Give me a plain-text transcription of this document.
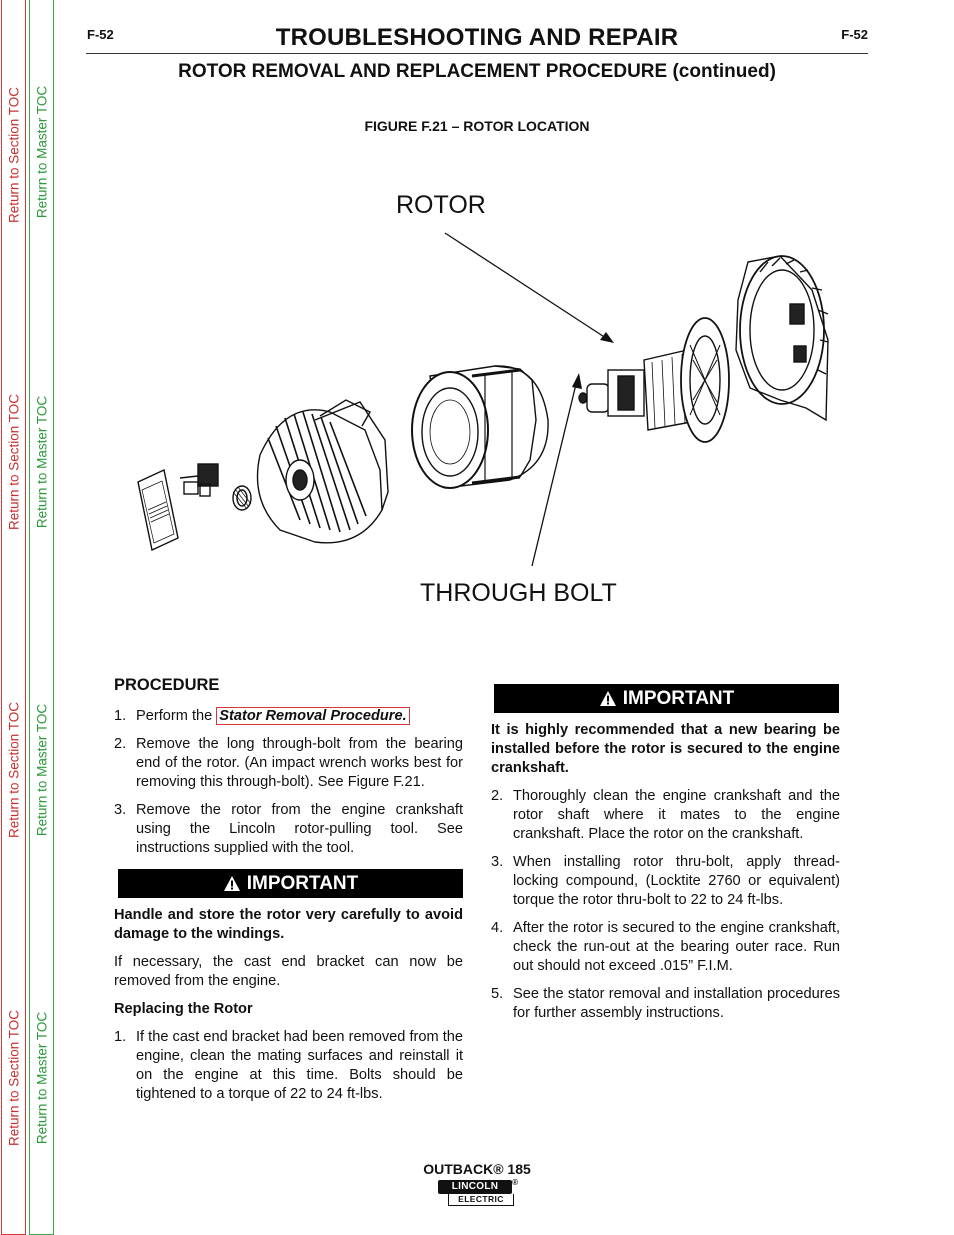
Return to Section TOC
Return to Section TOC
Return to Section TOC
Return to Section TOC
Return to Master TOC
Return to Master TOC
Return to Master TOC
Return to Master TOC
F-52	F-52
TROUBLESHOOTING AND REPAIR
ROTOR REMOVAL AND REPLACEMENT PROCEDURE (continued)
FIGURE F.21 – ROTOR LOCATION
ROTOR
THROUGH BOLT
PROCEDURE
1. Perform the Stator Removal Procedure.
2. Remove the long through-bolt from the bearing end of the rotor. (An impact wrench works best for removing this through-bolt). See Figure F.21.
3. Remove the rotor from the engine crankshaft using the Lincoln rotor-pulling tool. See instructions supplied with the tool.
IMPORTANT
Handle and store the rotor very carefully to avoid damage to the windings.
If necessary, the cast end bracket can now be removed from the engine.
Replacing the Rotor
1. If the cast end bracket had been removed from the engine, clean the mating surfaces and reinstall it on the engine at this time. Bolts should be tightened to a torque of 22 to 24 ft-lbs.
IMPORTANT
It is highly recommended that a new bearing be installed before the rotor is secured to the engine crankshaft.
2. Thoroughly clean the engine crankshaft and the rotor shaft where it mates to the engine crankshaft. Place the rotor on the crankshaft.
3. When installing rotor thru-bolt, apply thread-locking compound, (Locktite 2760 or equivalent) torque the rotor thru-bolt to 22 to 24 ft-lbs.
4. After the rotor is secured to the engine crankshaft, check the run-out at the bearing outer race. Run out should not exceed .015” F.I.M.
5. See the stator removal and installation procedures for further assembly instructions.
OUTBACK® 185
LINCOLN
ELECTRIC
®
